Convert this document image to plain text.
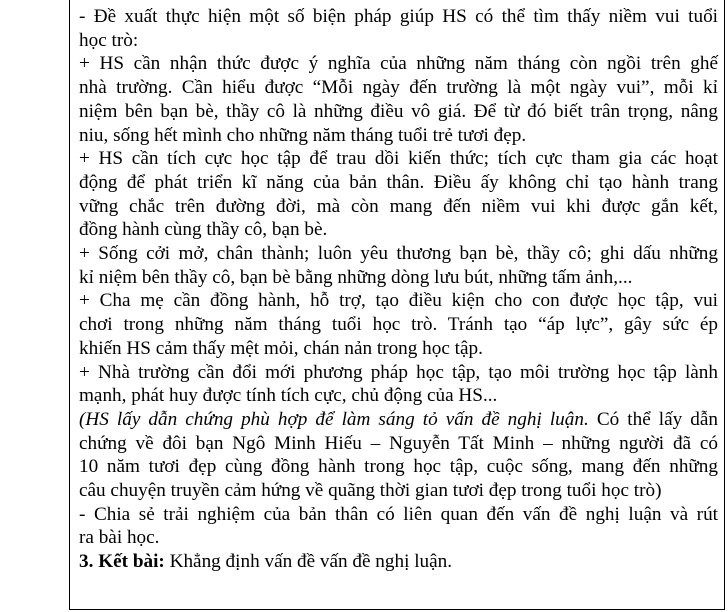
- Đề xuất thực hiện một số biện pháp giúp HS có thể tìm thấy niềm vui tuổi
học trò:
+ HS cần nhận thức được ý nghĩa của những năm tháng còn ngồi trên ghế
nhà trường. Cần hiểu được “Mỗi ngày đến trường là một ngày vui”, mỗi kỉ
niệm bên bạn bè, thầy cô là những điều vô giá. Để từ đó biết trân trọng, nâng
niu, sống hết mình cho những năm tháng tuổi trẻ tươi đẹp.
+ HS cần tích cực học tập để trau dồi kiến thức; tích cực tham gia các hoạt
động để phát triển kĩ năng của bản thân. Điều ấy không chỉ tạo hành trang
vững chắc trên đường đời, mà còn mang đến niềm vui khi được gắn kết,
đồng hành cùng thầy cô, bạn bè.
+ Sống cởi mở, chân thành; luôn yêu thương bạn bè, thầy cô; ghi dấu những
kỉ niệm bên thầy cô, bạn bè bằng những dòng lưu bút, những tấm ảnh,...
+ Cha mẹ cần đồng hành, hỗ trợ, tạo điều kiện cho con được học tập, vui
chơi trong những năm tháng tuổi học trò. Tránh tạo “áp lực”, gây sức ép
khiến HS cảm thấy mệt mỏi, chán nản trong học tập.
+ Nhà trường cần đổi mới phương pháp học tập, tạo môi trường học tập lành
mạnh, phát huy được tính tích cực, chủ động của HS...
(HS lấy dẫn chứng phù hợp để làm sáng tỏ vấn đề nghị luận. Có thể lấy dẫn
chứng về đôi bạn Ngô Minh Hiếu – Nguyễn Tất Minh – những người đã có
10 năm tươi đẹp cùng đồng hành trong học tập, cuộc sống, mang đến những
câu chuyện truyền cảm hứng về quãng thời gian tươi đẹp trong tuổi học trò)
- Chia sẻ trải nghiệm của bản thân có liên quan đến vấn đề nghị luận và rút
ra bài học.
3. Kết bài: Khẳng định vấn đề vấn đề nghị luận.
